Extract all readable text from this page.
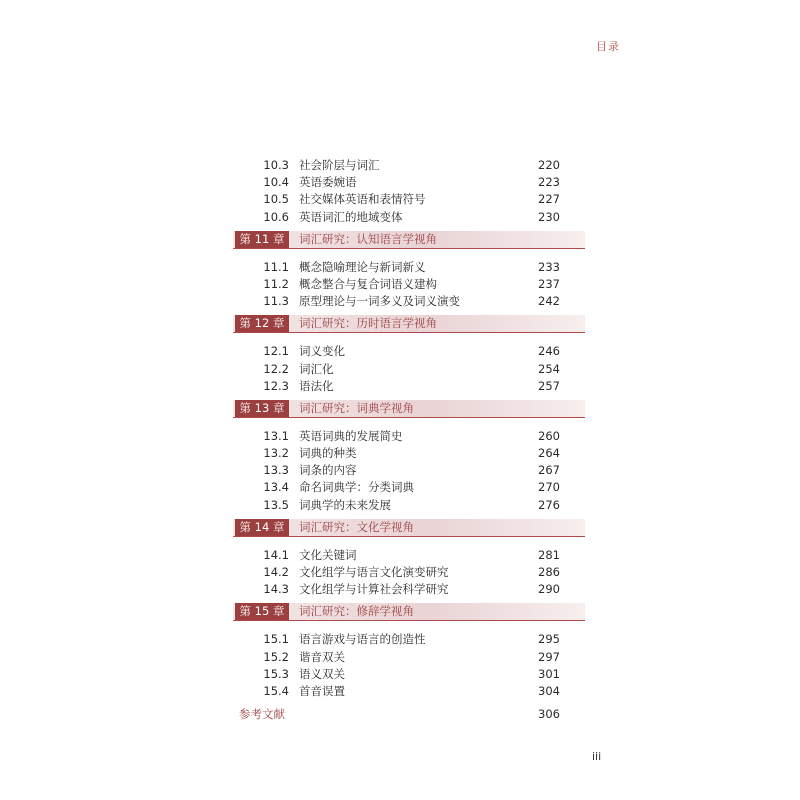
目录
10.3 社会阶层与词汇	220
10.4 英语委婉语	223
10.5 社交媒体英语和表情符号	227
10.6 英语词汇的地域变体	230
第 11 章	词汇研究：认知语言学视角
11.1 概念隐喻理论与新词新义	233
11.2 概念整合与复合词语义建构	237
11.3 原型理论与一词多义及词义演变	242
第 12 章	词汇研究：历时语言学视角
12.1 词义变化	246
12.2 词汇化	254
12.3 语法化	257
第 13 章	词汇研究：词典学视角
13.1 英语词典的发展简史	260
13.2 词典的种类	264
13.3 词条的内容	267
13.4 命名词典学：分类词典	270
13.5 词典学的未来发展	276
第 14 章	词汇研究：文化学视角
14.1 文化关键词	281
14.2 文化组学与语言文化演变研究	286
14.3 文化组学与计算社会科学研究	290
第 15 章	词汇研究：修辞学视角
15.1 语言游戏与语言的创造性	295
15.2 谐音双关	297
15.3 语义双关	301
15.4 首音误置	304
参考文献	306
iii
